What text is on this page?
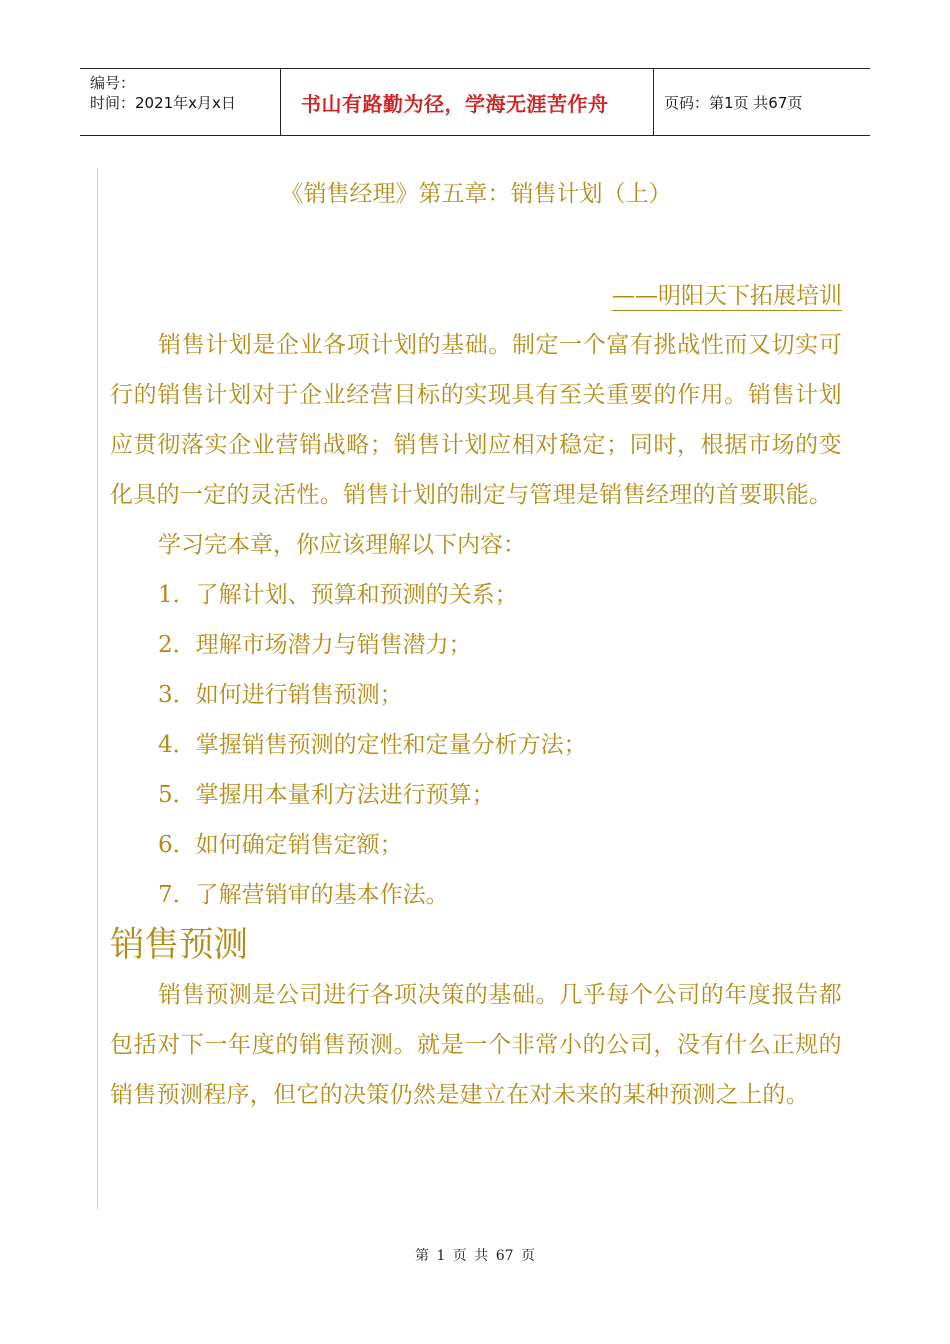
编号：
时间：2021年x月x日	书山有路勤为径，学海无涯苦作舟	页码：第1页 共67页
《销售经理》第五章：销售计划（上）
——明阳天下拓展培训

销售计划是企业各项计划的基础。制定一个富有挑战性而又切实可行的销售计划对于企业经营目标的实现具有至关重要的作用。销售计划应贯彻落实企业营销战略；销售计划应相对稳定；同时，根据市场的变化具的一定的灵活性。销售计划的制定与管理是销售经理的首要职能。

学习完本章，你应该理解以下内容：

1．了解计划、预算和预测的关系；

2．理解市场潜力与销售潜力；

3．如何进行销售预测；

4．掌握销售预测的定性和定量分析方法；

5．掌握用本量利方法进行预算；

6．如何确定销售定额；

7．了解营销审的基本作法。

销售预测

销售预测是公司进行各项决策的基础。几乎每个公司的年度报告都包括对下一年度的销售预测。就是一个非常小的公司，没有什么正规的销售预测程序，但它的决策仍然是建立在对未来的某种预测之上的。

第 1 页 共 67 页
